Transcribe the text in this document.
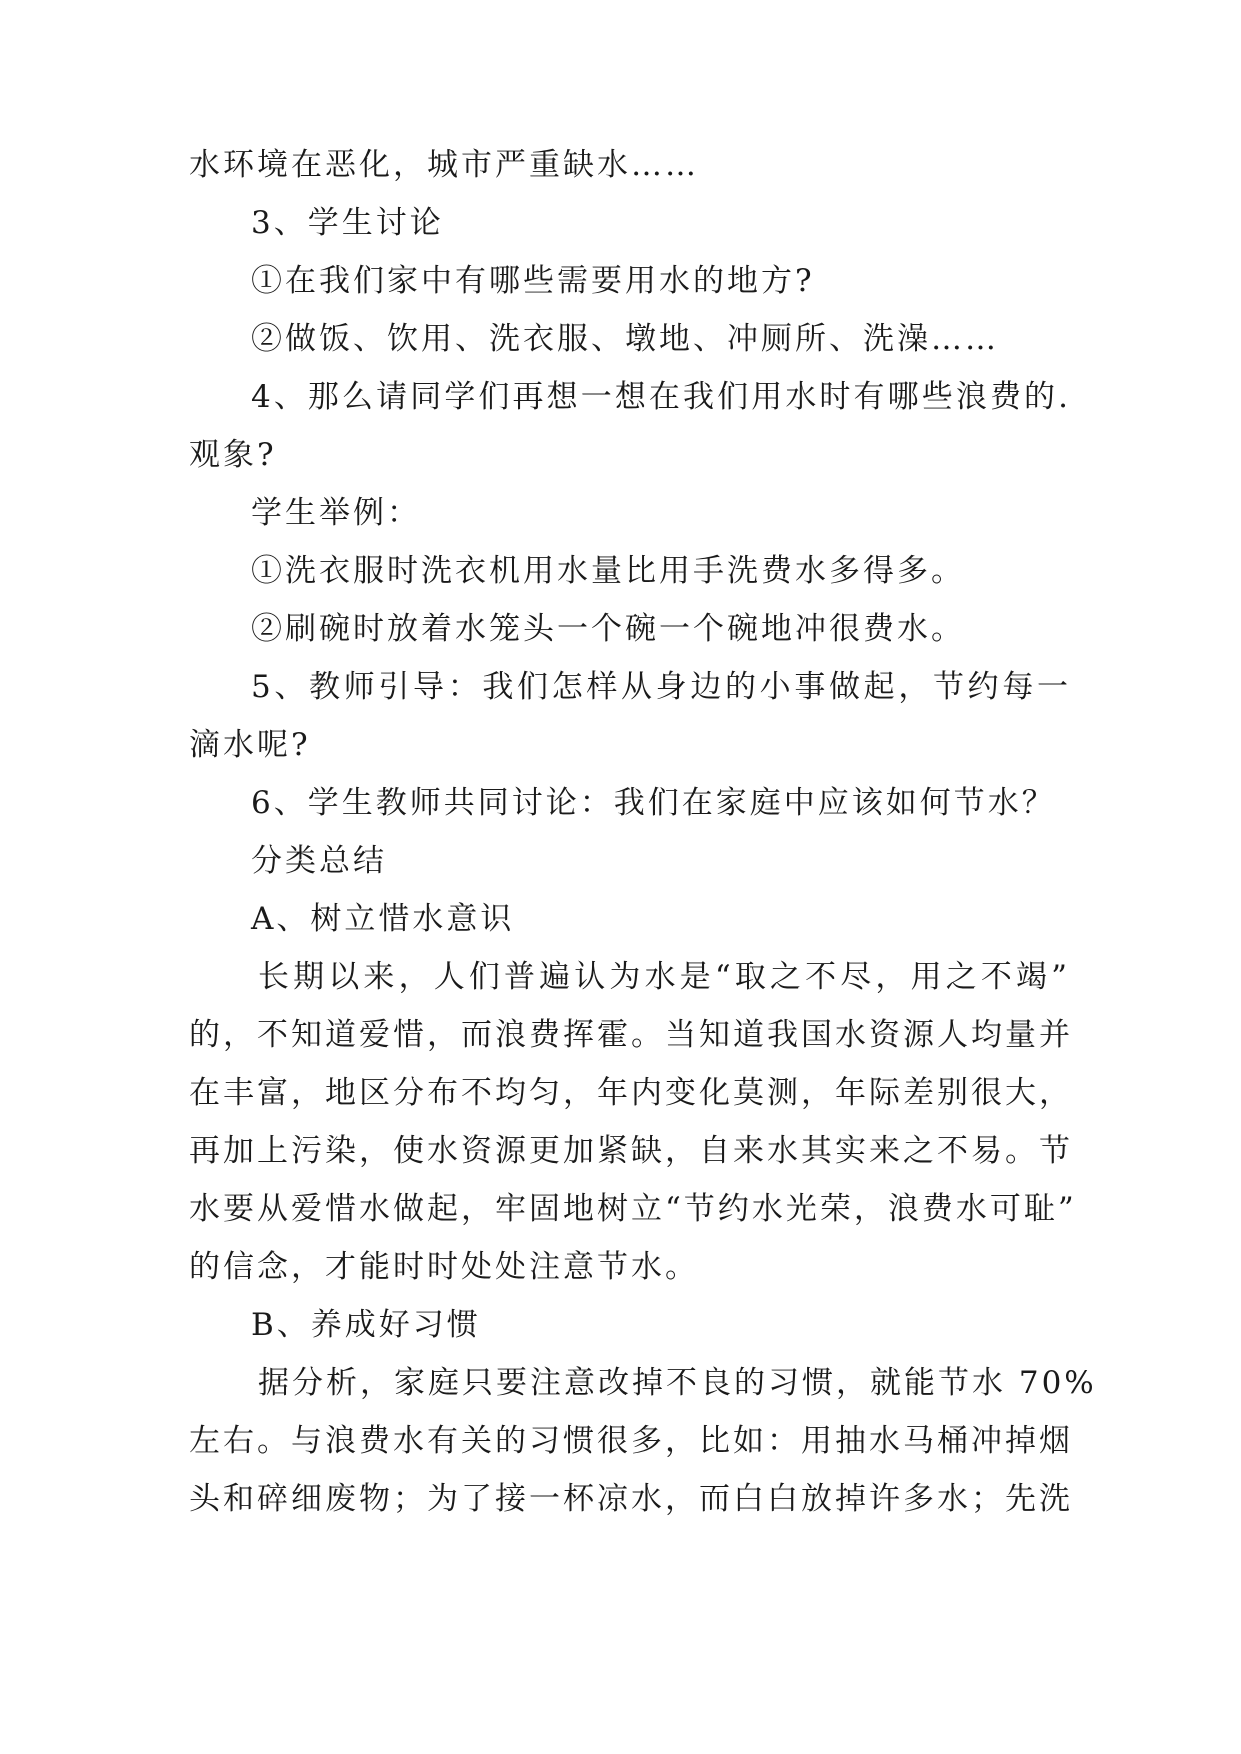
水环境在恶化，城市严重缺水……
3、学生讨论
①在我们家中有哪些需要用水的地方?
②做饭、饮用、洗衣服、墩地、冲厕所、洗澡……
4、那么请同学们再想一想在我们用水时有哪些浪费的.
观象?
学生举例：
①洗衣服时洗衣机用水量比用手洗费水多得多。
②刷碗时放着水笼头一个碗一个碗地冲很费水。
5、教师引导：我们怎样从身边的小事做起，节约每一
滴水呢?
6、学生教师共同讨论：我们在家庭中应该如何节水？
分类总结
A、树立惜水意识
长期以来，人们普遍认为水是“取之不尽，用之不竭”
的，不知道爱惜，而浪费挥霍。当知道我国水资源人均量并
在丰富，地区分布不均匀，年内变化莫测，年际差别很大，
再加上污染，使水资源更加紧缺，自来水其实来之不易。节
水要从爱惜水做起，牢固地树立“节约水光荣，浪费水可耻”
的信念，才能时时处处注意节水。
B、养成好习惯
据分析，家庭只要注意改掉不良的习惯，就能节水 70%
左右。与浪费水有关的习惯很多，比如：用抽水马桶冲掉烟
头和碎细废物；为了接一杯凉水，而白白放掉许多水；先洗
